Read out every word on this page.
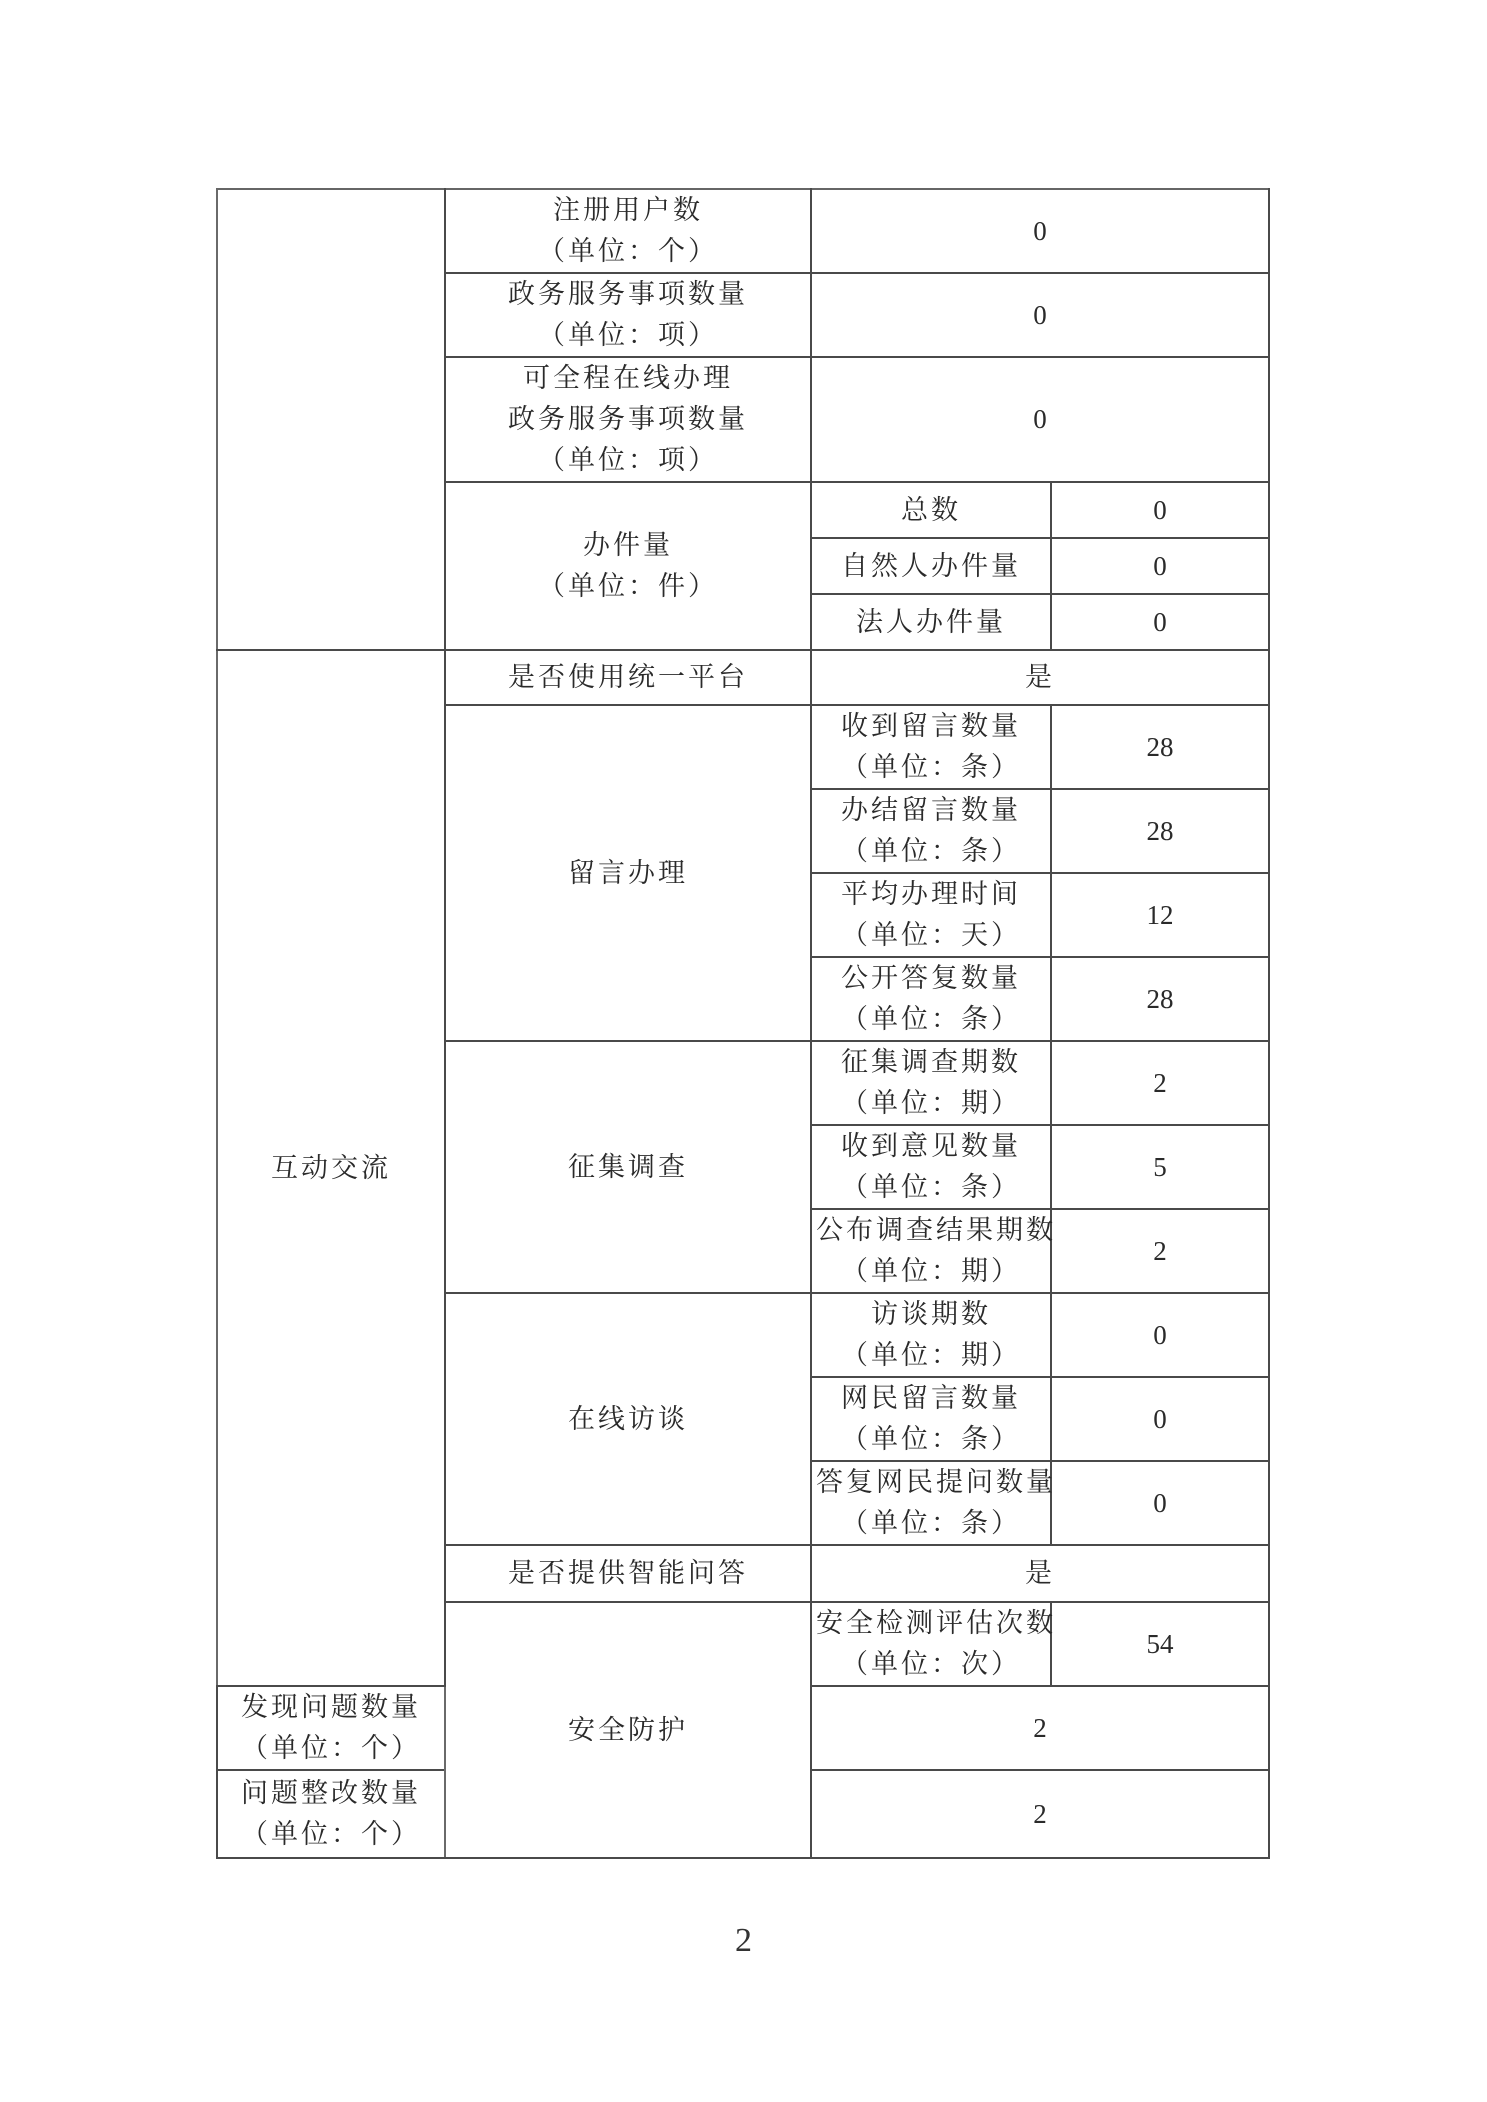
	注册用户数
（单位：个）	0	

	政务服务事项数量
（单位：项）	0	

	可全程在线办理
政务服务事项数量
（单位：项）	0	

	办件量
（单位：件）	总数	0
		自然人办件量	0
		法人办件量	0
互动交流	是否使用统一平台	是	
	留言办理	收到留言数量
（单位：条）	28

		办结留言数量
（单位：条）	28

		平均办理时间
（单位：天）	12

		公开答复数量
（单位：条）	28
	征集调查	征集调查期数
（单位：期）	2

		收到意见数量
（单位：条）	5

		公布调查结果期数
（单位：期）	2
	在线访谈	访谈期数
（单位：期）	0

		网民留言数量
（单位：条）	0

		答复网民提问数量
（单位：条）	0
	是否提供智能问答	是	
	安全防护	安全检测评估次数
（单位：次）	54

发现问题数量
（单位：个）		2	

问题整改数量
（单位：个）		2	
2
